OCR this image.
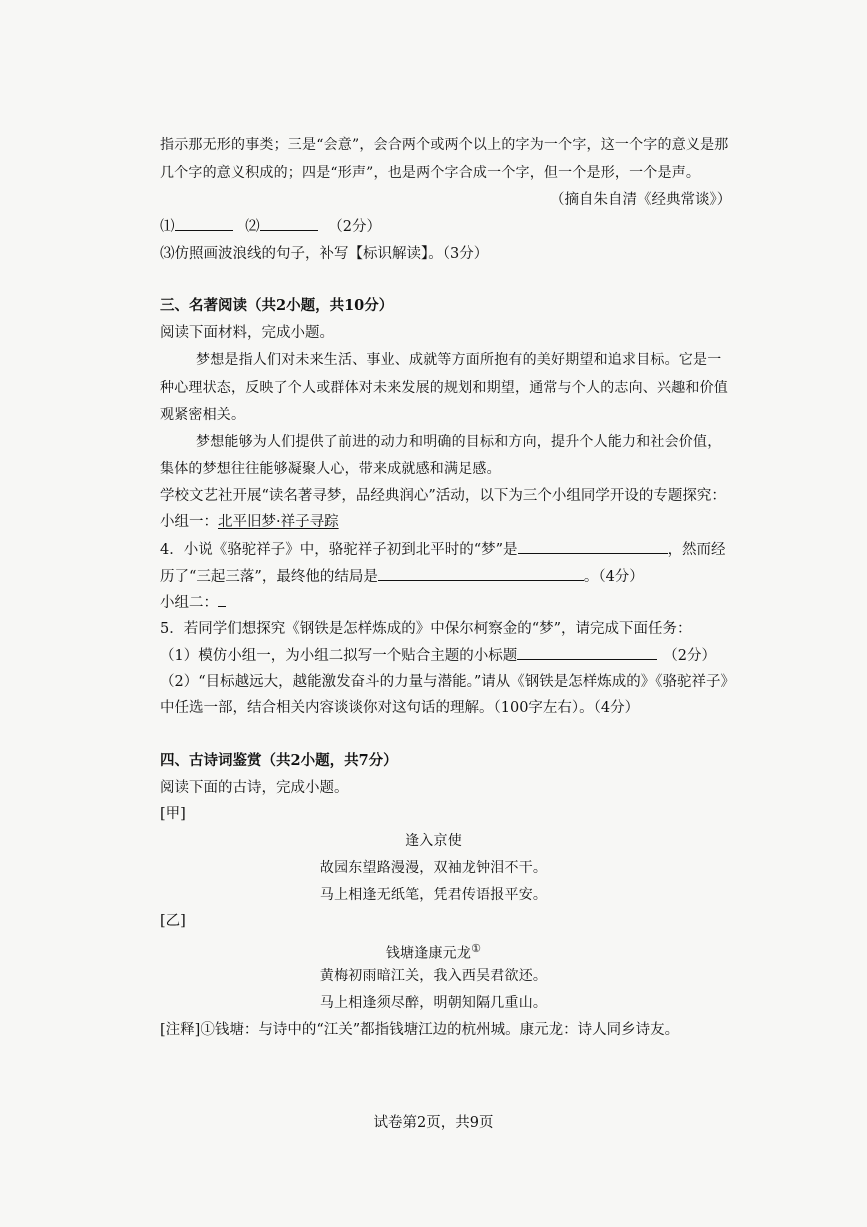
指示那无形的事类；三是“会意”，会合两个或两个以上的字为一个字，这一个字的意义是那
几个字的意义积成的；四是“形声”，也是两个字合成一个字，但一个是形，一个是声。
（摘自朱自清《经典常谈》）
⑴	⑵	（2分）
⑶仿照画波浪线的句子，补写【标识解读】。（3分）
三、名著阅读（共2小题，共10分）
阅读下面材料，完成小题。
梦想是指人们对未来生活、事业、成就等方面所抱有的美好期望和追求目标。它是一
种心理状态，反映了个人或群体对未来发展的规划和期望，通常与个人的志向、兴趣和价值
观紧密相关。
梦想能够为人们提供了前进的动力和明确的目标和方向，提升个人能力和社会价值，
集体的梦想往往能够凝聚人心，带来成就感和满足感。
学校文艺社开展“读名著寻梦，品经典润心”活动，以下为三个小组同学开设的专题探究：
小组一：北平旧梦·祥子寻踪
4．小说《骆驼祥子》中，骆驼祥子初到北平时的“梦”是	，然而经
历了“三起三落”，最终他的结局是	。（4分）
小组二：
5．若同学们想探究《钢铁是怎样炼成的》中保尔柯察金的“梦”，请完成下面任务：
（1）模仿小组一，为小组二拟写一个贴合主题的小标题	（2分）
（2）“目标越远大，越能激发奋斗的力量与潜能。”请从《钢铁是怎样炼成的》《骆驼祥子》
中任选一部，结合相关内容谈谈你对这句话的理解。（100字左右）。（4分）
四、古诗词鉴赏（共2小题，共7分）
阅读下面的古诗，完成小题。
[甲]
逢入京使
故园东望路漫漫，双袖龙钟泪不干。
马上相逢无纸笔，凭君传语报平安。
[乙]
钱塘逢康元龙①
黄梅初雨暗江关，我入西吴君欲还。
马上相逢须尽醉，明朝知隔几重山。
[注释]①钱塘：与诗中的“江关”都指钱塘江边的杭州城。康元龙：诗人同乡诗友。
试卷第2页，共9页
